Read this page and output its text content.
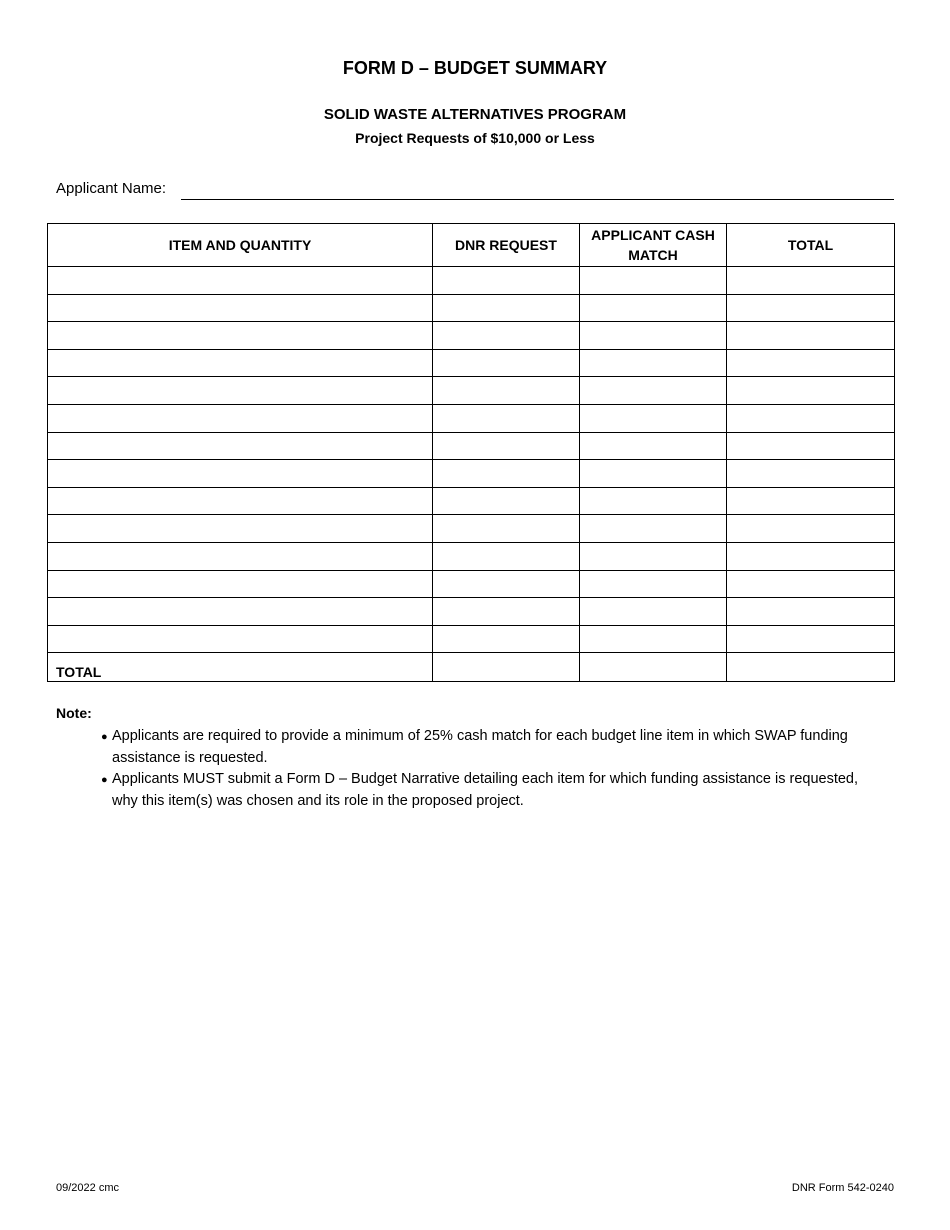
FORM D – BUDGET SUMMARY
SOLID WASTE ALTERNATIVES PROGRAM
Project Requests of $10,000 or Less
Applicant Name:
ITEM AND QUANTITY	DNR REQUEST	APPLICANT CASH MATCH	TOTAL

TOTAL			
Note:
● Applicants are required to provide a minimum of 25% cash match for each budget line item in which SWAP funding assistance is requested.
● Applicants MUST submit a Form D – Budget Narrative detailing each item for which funding assistance is requested, why this item(s) was chosen and its role in the proposed project.
09/2022 cmc	DNR Form 542-0240
